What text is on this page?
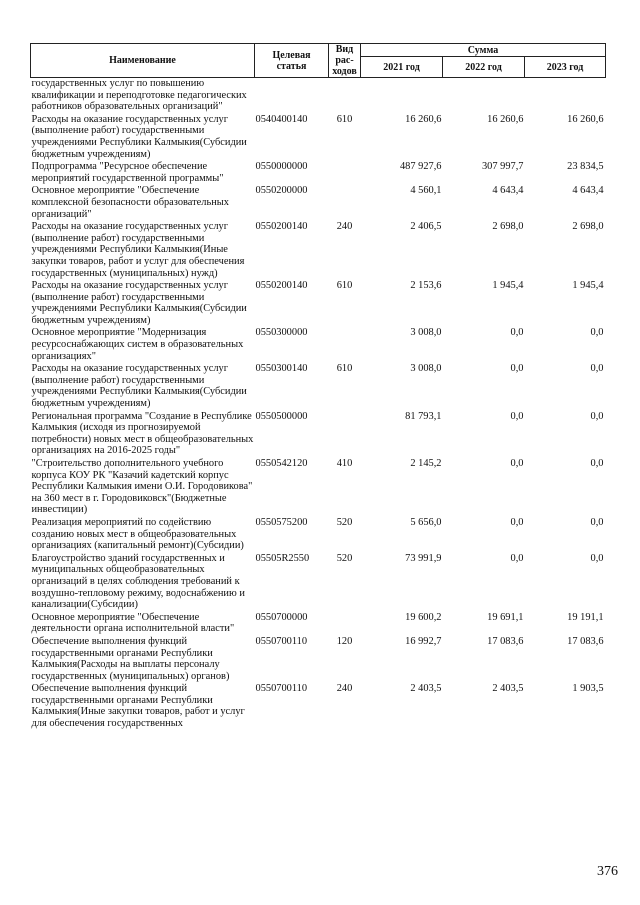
Наименование	Целевая статья	Вид рас-ходов	Сумма		
			2021 год	2022 год	2023 год
государственных услуг по повышению квалификации и переподготовке педагогических работников образовательных организаций"					
Расходы на оказание государственных услуг (выполнение работ) государственными учреждениями Республики Калмыкия(Субсидии бюджетным учреждениям)	0540400140	610	16 260,6	16 260,6	16 260,6
Подпрограмма "Ресурсное обеспечение мероприятий государственной программы"	0550000000		487 927,6	307 997,7	23 834,5
Основное мероприятие "Обеспечение комплексной безопасности образовательных организаций"	0550200000		4 560,1	4 643,4	4 643,4
Расходы на оказание государственных услуг (выполнение работ) государственными учреждениями Республики Калмыкия(Иные закупки товаров, работ и услуг для обеспечения государственных (муниципальных) нужд)	0550200140	240	2 406,5	2 698,0	2 698,0
Расходы на оказание государственных услуг (выполнение работ) государственными учреждениями Республики Калмыкия(Субсидии бюджетным учреждениям)	0550200140	610	2 153,6	1 945,4	1 945,4
Основное мероприятие "Модернизация ресурсоснабжающих систем в образовательных организациях"	0550300000		3 008,0	0,0	0,0
Расходы на оказание государственных услуг (выполнение работ) государственными учреждениями Республики Калмыкия(Субсидии бюджетным учреждениям)	0550300140	610	3 008,0	0,0	0,0
Региональная программа "Создание в Республике Калмыкия (исходя из прогнозируемой потребности) новых мест в общеобразовательных организациях на 2016-2025 годы"	0550500000		81 793,1	0,0	0,0
"Строительство дополнительного учебного корпуса КОУ РК "Казачий кадетский корпус Республики Калмыкия имени О.И. Городовикова" на 360 мест в г. Городовиковск"(Бюджетные инвестиции)	0550542120	410	2 145,2	0,0	0,0
Реализация мероприятий по содействию созданию новых мест в общеобразовательных организациях (капитальный ремонт)(Субсидии)	0550575200	520	5 656,0	0,0	0,0
Благоустройство зданий государственных и муниципальных общеобразовательных организаций в целях соблюдения требований к воздушно-тепловому режиму, водоснабжению и канализации(Субсидии)	05505R2550	520	73 991,9	0,0	0,0
Основное мероприятие "Обеспечение деятельности органа исполнительной власти"	0550700000		19 600,2	19 691,1	19 191,1
Обеспечение выполнения функций государственными органами Республики Калмыкия(Расходы на выплаты персоналу государственных (муниципальных) органов)	0550700110	120	16 992,7	17 083,6	17 083,6
Обеспечение выполнения функций государственными органами Республики Калмыкия(Иные закупки товаров, работ и услуг для обеспечения государственных	0550700110	240	2 403,5	2 403,5	1 903,5
376
